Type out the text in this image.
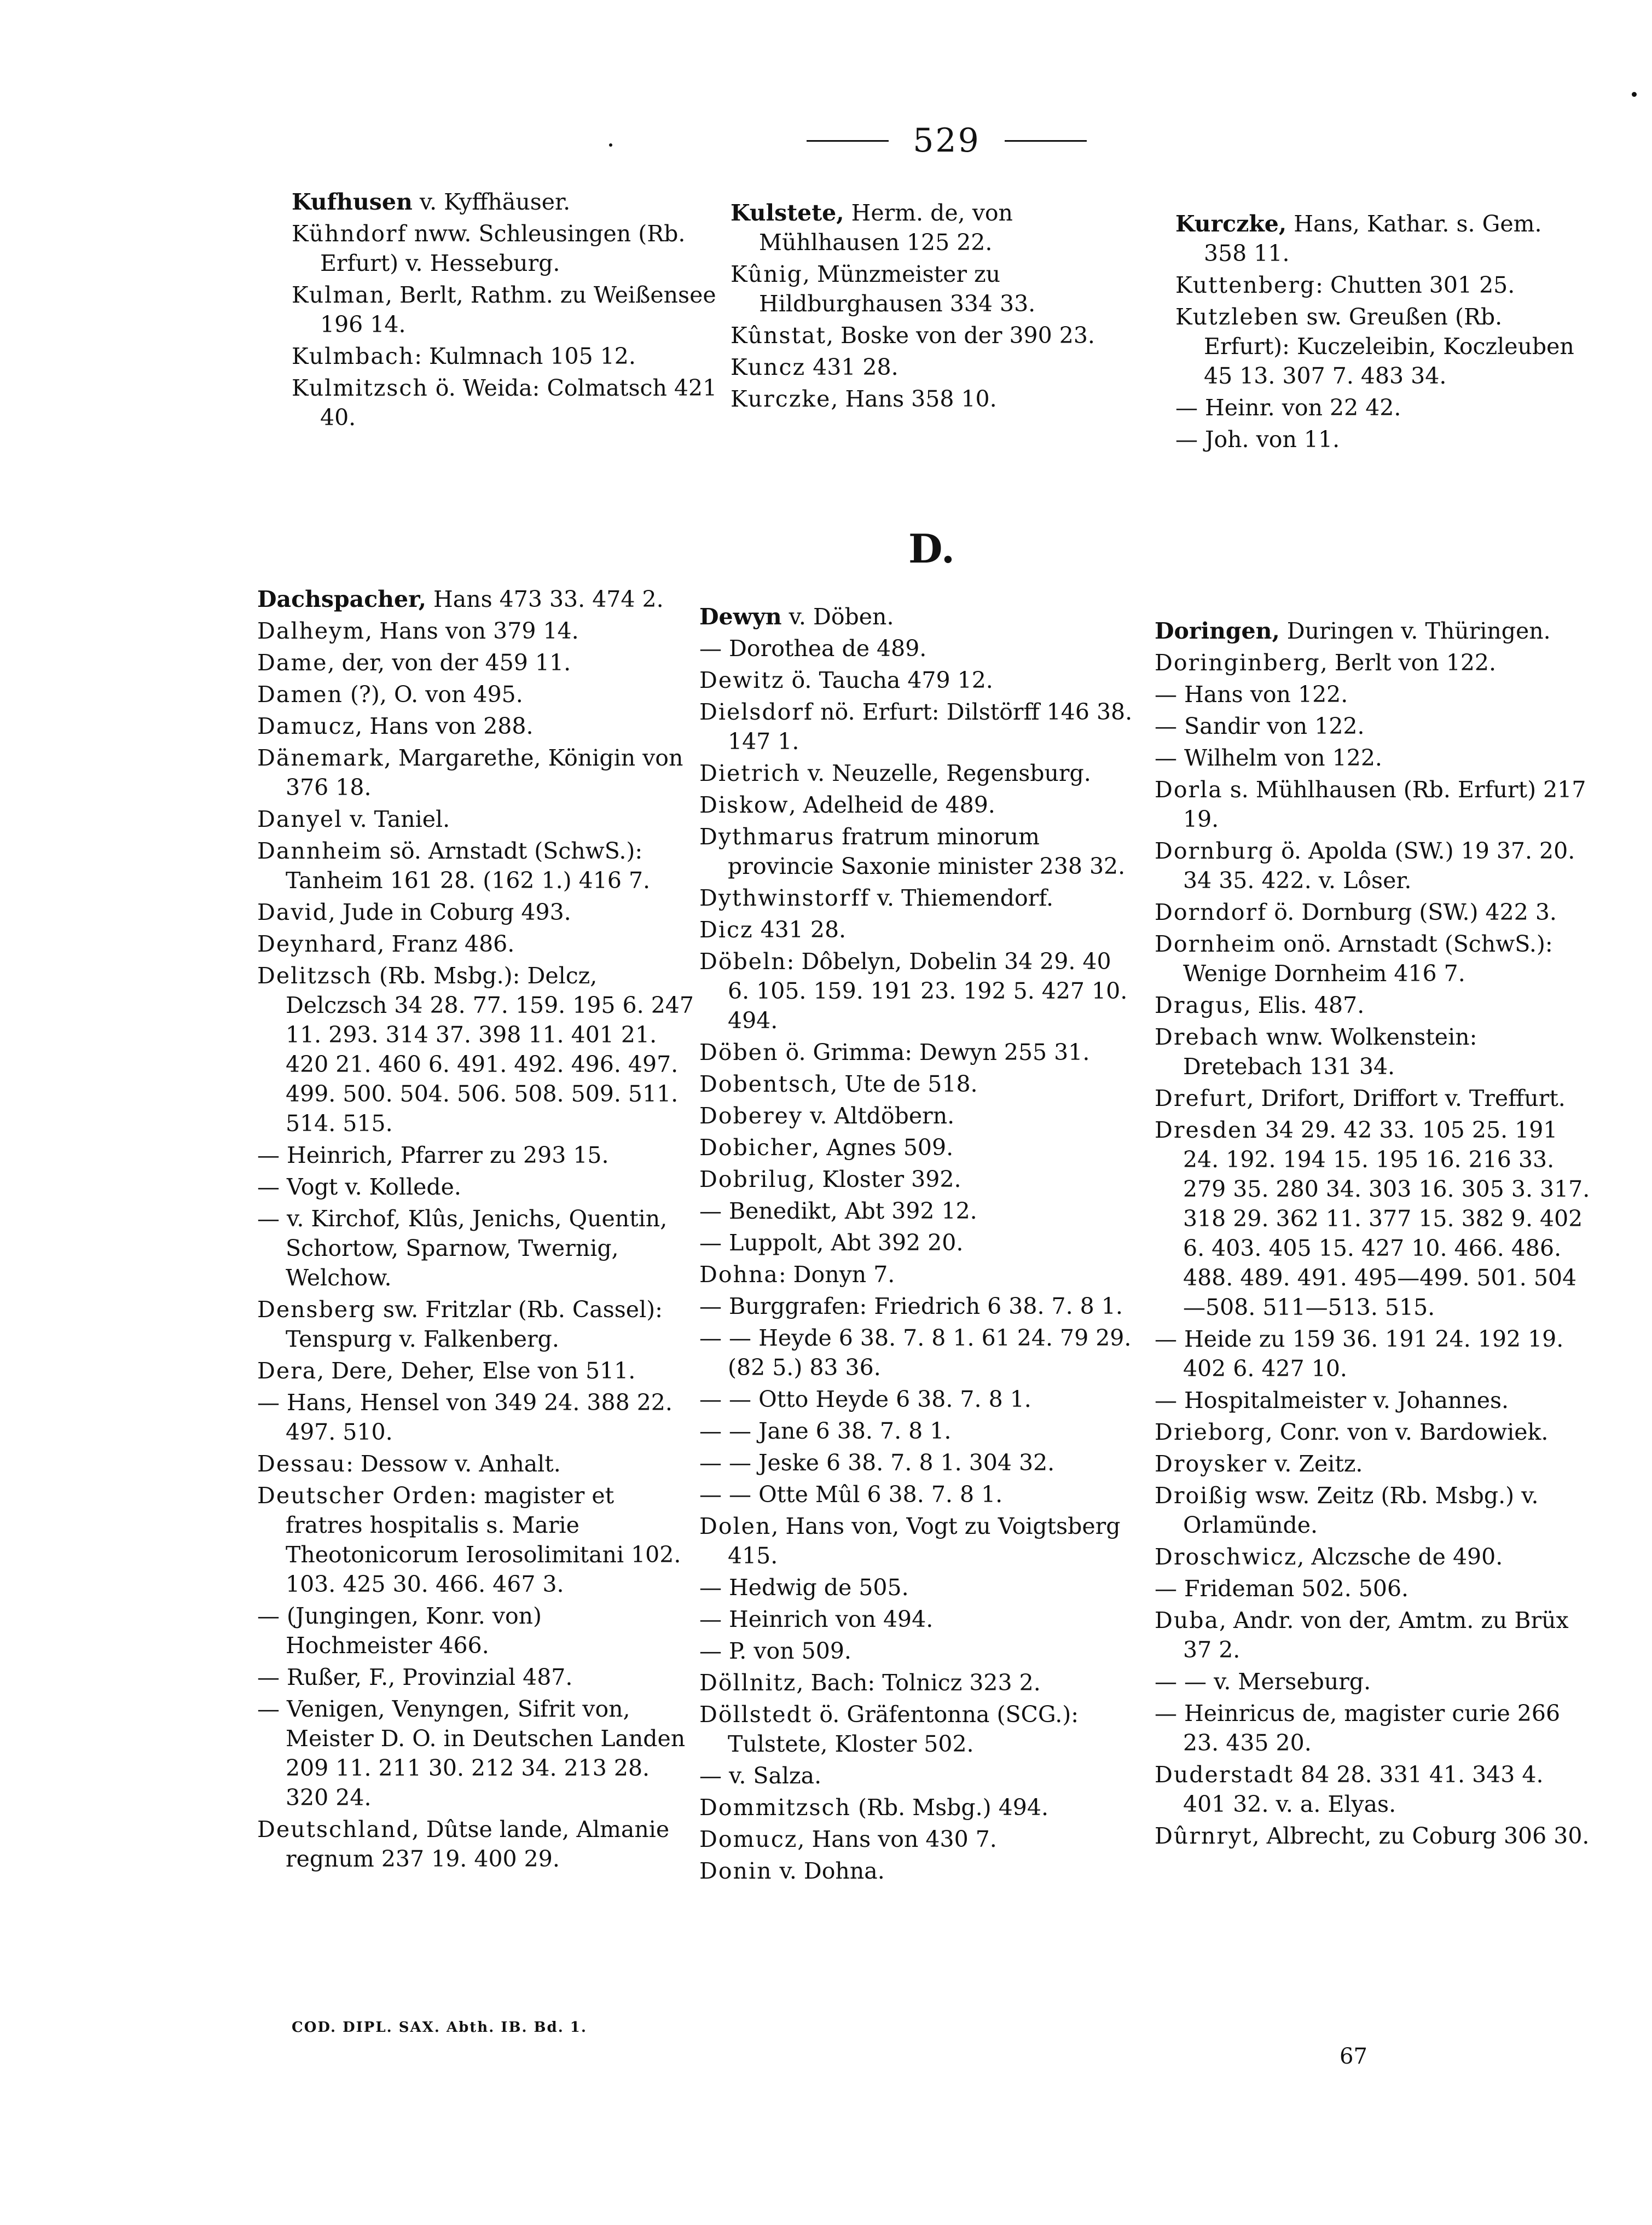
529

Kufhusen v. Kyffhäuser.

Kühndorf nww. Schleusingen (Rb. Erfurt) v. Hesseburg.

Kulman, Berlt, Rathm. zu Weißensee 196 14.

Kulmbach: Kulmnach 105 12.

Kulmitzsch ö. Weida: Colmatsch 421 40.

Kulstete, Herm. de, von Mühlhausen 125 22.

Kûnig, Münzmeister zu Hildburghausen 334 33.

Kûnstat, Boske von der 390 23.

Kuncz 431 28.

Kurczke, Hans 358 10.

Kurczke, Hans, Kathar. s. Gem. 358 11.

Kuttenberg: Chutten 301 25.

Kutzleben sw. Greußen (Rb. Erfurt): Kuczeleibin, Koczleuben 45 13. 307 7. 483 34.

— Heinr. von 22 42.

— Joh. von 11.

D.

Dachspacher, Hans 473 33. 474 2.

Dalheym, Hans von 379 14.

Dame, der, von der 459 11.

Damen (?), O. von 495.

Damucz, Hans von 288.

Dänemark, Margarethe, Königin von 376 18.

Danyel v. Taniel.

Dannheim sö. Arnstadt (SchwS.): Tanheim 161 28. (162 1.) 416 7.

David, Jude in Coburg 493.

Deynhard, Franz 486.

Delitzsch (Rb. Msbg.): Delcz, Delczsch 34 28. 77. 159. 195 6. 247 11. 293. 314 37. 398 11. 401 21. 420 21. 460 6. 491. 492. 496. 497. 499. 500. 504. 506. 508. 509. 511. 514. 515.

— Heinrich, Pfarrer zu 293 15.

— Vogt v. Kollede.

— v. Kirchof, Klûs, Jenichs, Quentin, Schortow, Sparnow, Twernig, Welchow.

Densberg sw. Fritzlar (Rb. Cassel): Tenspurg v. Falkenberg.

Dera, Dere, Deher, Else von 511.

— Hans, Hensel von 349 24. 388 22. 497. 510.

Dessau: Dessow v. Anhalt.

Deutscher Orden: magister et fratres hospitalis s. Marie Theotonicorum Ierosolimitani 102. 103. 425 30. 466. 467 3.

— (Jungingen, Konr. von) Hochmeister 466.

— Rußer, F., Provinzial 487.

— Venigen, Venyngen, Sifrit von, Meister D. O. in Deutschen Landen 209 11. 211 30. 212 34. 213 28. 320 24.

Deutschland, Dûtse lande, Almanie regnum 237 19. 400 29.

Dewyn v. Döben.

— Dorothea de 489.

Dewitz ö. Taucha 479 12.

Dielsdorf nö. Erfurt: Dilstörff 146 38. 147 1.

Dietrich v. Neuzelle, Regensburg.

Diskow, Adelheid de 489.

Dythmarus fratrum minorum provincie Saxonie minister 238 32.

Dythwinstorff v. Thiemendorf.

Dicz 431 28.

Döbeln: Dôbelyn, Dobelin 34 29. 40 6. 105. 159. 191 23. 192 5. 427 10. 494.

Döben ö. Grimma: Dewyn 255 31.

Dobentsch, Ute de 518.

Doberey v. Altdöbern.

Dobicher, Agnes 509.

Dobrilug, Kloster 392.

— Benedikt, Abt 392 12.

— Luppolt, Abt 392 20.

Dohna: Donyn 7.

— Burggrafen: Friedrich 6 38. 7. 8 1.

— — Heyde 6 38. 7. 8 1. 61 24. 79 29. (82 5.) 83 36.

— — Otto Heyde 6 38. 7. 8 1.

— — Jane 6 38. 7. 8 1.

— — Jeske 6 38. 7. 8 1. 304 32.

— — Otte Mûl 6 38. 7. 8 1.

Dolen, Hans von, Vogt zu Voigtsberg 415.

— Hedwig de 505.

— Heinrich von 494.

— P. von 509.

Döllnitz, Bach: Tolnicz 323 2.

Döllstedt ö. Gräfentonna (SCG.): Tulstete, Kloster 502.

— v. Salza.

Dommitzsch (Rb. Msbg.) 494.

Domucz, Hans von 430 7.

Donin v. Dohna.

Doringen, Duringen v. Thüringen.

Doringinberg, Berlt von 122.

— Hans von 122.

— Sandir von 122.

— Wilhelm von 122.

Dorla s. Mühlhausen (Rb. Erfurt) 217 19.

Dornburg ö. Apolda (SW.) 19 37. 20. 34 35. 422. v. Lôser.

Dorndorf ö. Dornburg (SW.) 422 3.

Dornheim onö. Arnstadt (SchwS.): Wenige Dornheim 416 7.

Dragus, Elis. 487.

Drebach wnw. Wolkenstein: Dretebach 131 34.

Drefurt, Drifort, Driffort v. Treffurt.

Dresden 34 29. 42 33. 105 25. 191 24. 192. 194 15. 195 16. 216 33. 279 35. 280 34. 303 16. 305 3. 317. 318 29. 362 11. 377 15. 382 9. 402 6. 403. 405 15. 427 10. 466. 486. 488. 489. 491. 495—499. 501. 504—508. 511—513. 515.

— Heide zu 159 36. 191 24. 192 19. 402 6. 427 10.

— Hospitalmeister v. Johannes.

Drieborg, Conr. von v. Bardowiek.

Droysker v. Zeitz.

Droißig wsw. Zeitz (Rb. Msbg.) v. Orlamünde.

Droschwicz, Alczsche de 490.

— Frideman 502. 506.

Duba, Andr. von der, Amtm. zu Brüx 37 2.

— — v. Merseburg.

— Heinricus de, magister curie 266 23. 435 20.

Duderstadt 84 28. 331 41. 343 4. 401 32. v. a. Elyas.

Dûrnryt, Albrecht, zu Coburg 306 30.

COD. DIPL. SAX. Abth. IB. Bd. 1.
67
